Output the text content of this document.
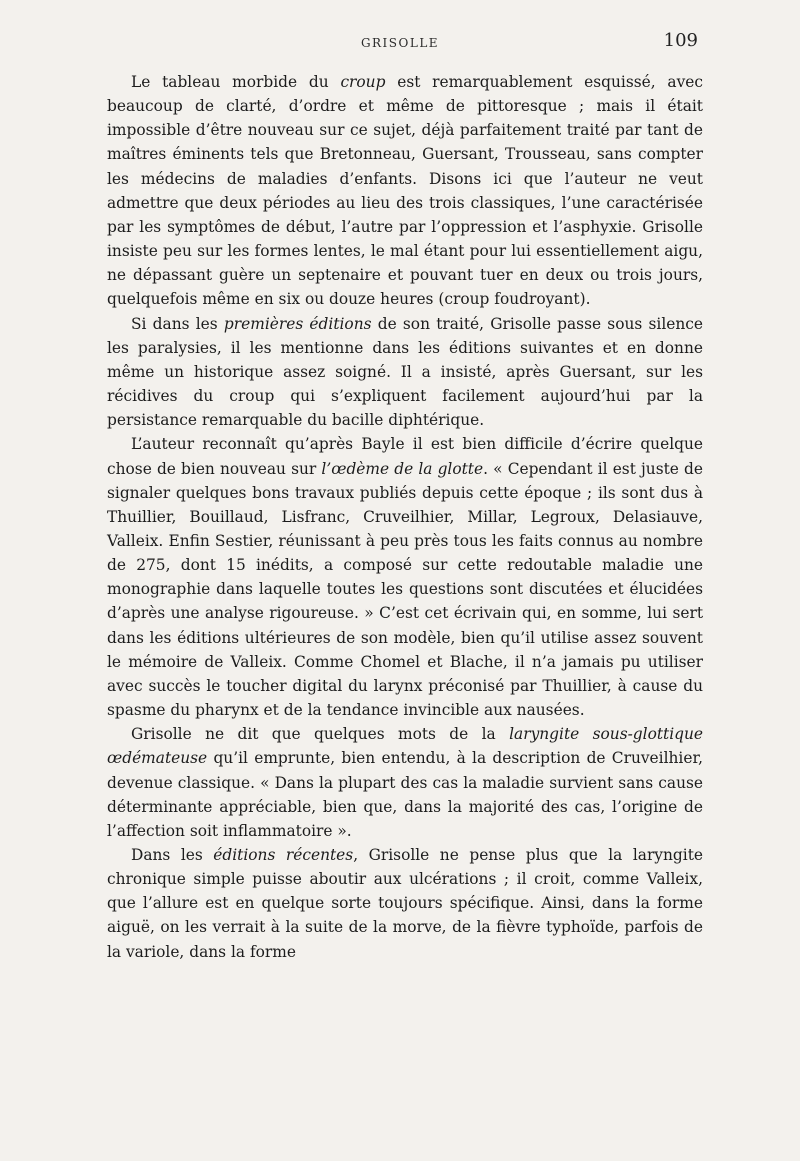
GRISOLLE	109

Le tableau morbide du croup est remarquablement esquissé, avec beaucoup de clarté, d’ordre et même de pittoresque ; mais il était impossible d’être nouveau sur ce sujet, déjà parfaitement traité par tant de maîtres éminents tels que Bretonneau, Guersant, Trousseau, sans compter les médecins de maladies d’enfants. Disons ici que l’auteur ne veut admettre que deux périodes au lieu des trois classiques, l’une caractérisée par les symptômes de début, l’autre par l’oppression et l’asphyxie. Grisolle insiste peu sur les formes lentes, le mal étant pour lui essentiellement aigu, ne dépassant guère un septenaire et pouvant tuer en deux ou trois jours, quelquefois même en six ou douze heures (croup foudroyant).

Si dans les premières éditions de son traité, Grisolle passe sous silence les paralysies, il les mentionne dans les éditions suivantes et en donne même un historique assez soigné. Il a insisté, après Guersant, sur les récidives du croup qui s’expliquent facilement aujourd’hui par la persistance remarquable du bacille diphtérique.

L’auteur reconnaît qu’après Bayle il est bien difficile d’écrire quelque chose de bien nouveau sur l’œdème de la glotte. « Cependant il est juste de signaler quelques bons travaux publiés depuis cette époque ; ils sont dus à Thuillier, Bouillaud, Lisfranc, Cruveilhier, Millar, Legroux, Delasiauve, Valleix. Enfin Sestier, réunissant à peu près tous les faits connus au nombre de 275, dont 15 inédits, a composé sur cette redoutable maladie une monographie dans laquelle toutes les questions sont discutées et élucidées d’après une analyse rigoureuse. » C’est cet écrivain qui, en somme, lui sert dans les éditions ultérieures de son modèle, bien qu’il utilise assez souvent le mémoire de Valleix. Comme Chomel et Blache, il n’a jamais pu utiliser avec succès le toucher digital du larynx préconisé par Thuillier, à cause du spasme du pharynx et de la tendance invincible aux nausées.

Grisolle ne dit que quelques mots de la laryngite sous-glottique œdémateuse qu’il emprunte, bien entendu, à la description de Cruveilhier, devenue classique. « Dans la plupart des cas la maladie survient sans cause déterminante appréciable, bien que, dans la majorité des cas, l’origine de l’affection soit inflammatoire ».

Dans les éditions récentes, Grisolle ne pense plus que la laryngite chronique simple puisse aboutir aux ulcérations ; il croit, comme Valleix, que l’allure est en quelque sorte toujours spécifique. Ainsi, dans la forme aiguë, on les verrait à la suite de la morve, de la fièvre typhoïde, parfois de la variole, dans la forme
